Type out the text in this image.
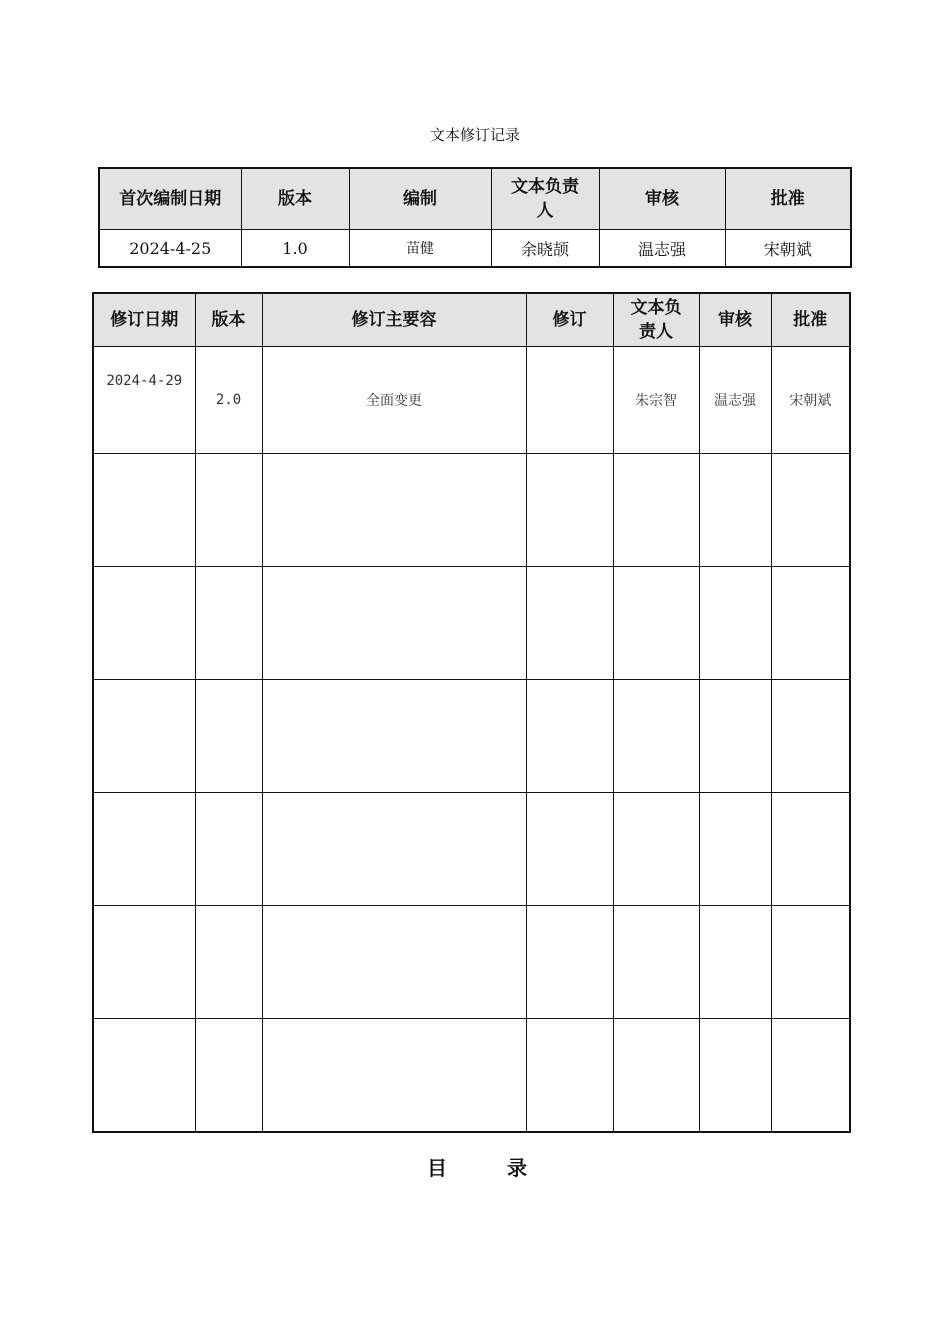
文本修订记录
首次编制日期	版本	编制	文本负责人	审核	批准
2024-4-25	1.0	苗健	余晓颉	温志强	宋朝斌
修订日期	版本	修订主要容	修订	文本负责人	审核	批准
2024-4-29	2.0	全面变更		朱宗智	温志强	宋朝斌

目	录
